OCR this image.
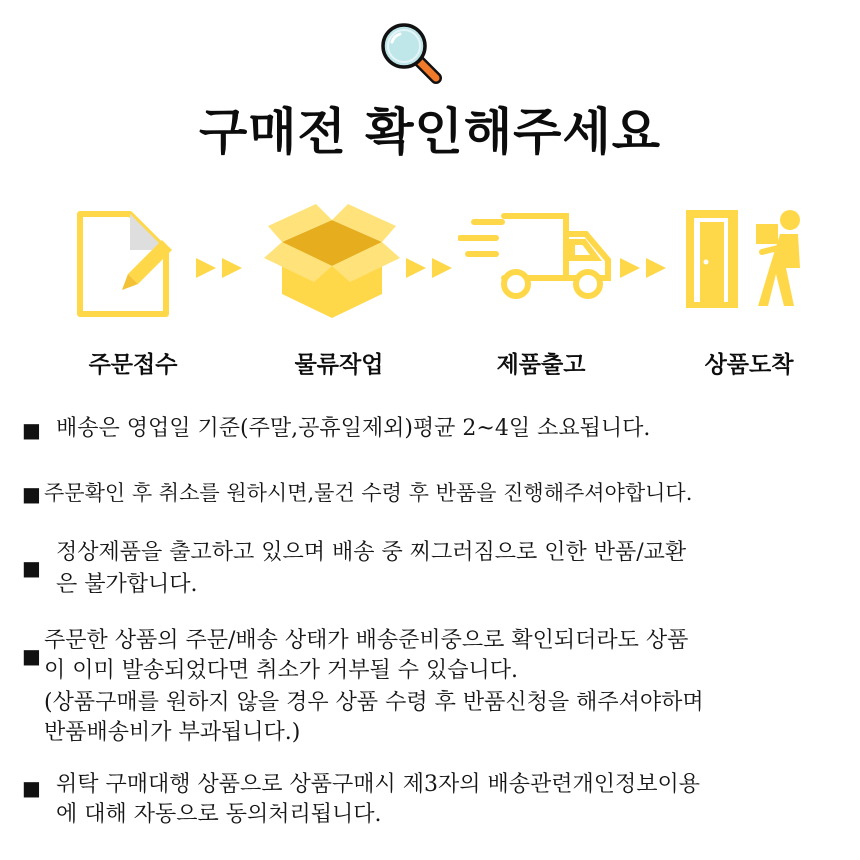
구매전 확인해주세요
주문접수	물류작업	제품출고	상품도착
■ 배송은 영업일 기준(주말,공휴일제외)평균 2~4일 소요됩니다.
■ 주문확인 후 취소를 원하시면,물건 수령 후 반품을 진행해주셔야합니다.
■
정상제품을 출고하고 있으며 배송 중 찌그러짐으로 인한 반품/교환
은 불가합니다.
■
주문한 상품의 주문/배송 상태가 배송준비중으로 확인되더라도 상품
이 이미 발송되었다면 취소가 거부될 수 있습니다.
(상품구매를 원하지 않을 경우 상품 수령 후 반품신청을 해주셔야하며
반품배송비가 부과됩니다.)
■ 위탁 구매대행 상품으로 상품구매시 제3자의 배송관련개인정보이용
에 대해 자동으로 동의처리됩니다.
